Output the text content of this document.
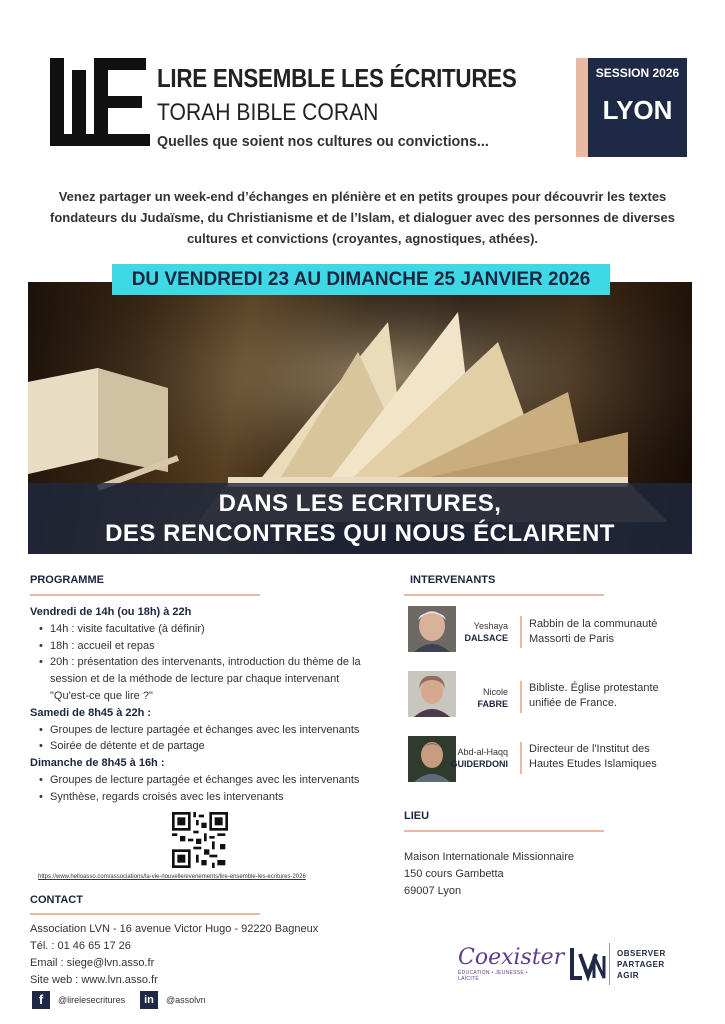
LIRE ENSEMBLE LES ÉCRITURES
TORAH BIBLE CORAN
Quelles que soient nos cultures ou convictions...
SESSION 2026
LYON
Venez partager un week-end d’échanges en plénière et en petits groupes pour découvrir les textes fondateurs du Judaïsme, du Christianisme et de l’Islam, et dialoguer avec des personnes de diverses cultures et convictions (croyantes, agnostiques, athées).
DANS LES ECRITURES,
DES RENCONTRES QUI NOUS ÉCLAIRENT
DU VENDREDI 23 AU DIMANCHE 25 JANVIER 2026
PROGRAMME
Vendredi de 14h (ou 18h) à 22h
• 14h : visite facultative (à définir)
• 18h : accueil et repas
• 20h : présentation des intervenants, introduction du thème de la session et de la méthode de lecture par chaque intervenant "Qu'est-ce que lire ?"
Samedi de 8h45 à 22h :
• Groupes de lecture partagée et échanges avec les intervenants
• Soirée de détente et de partage
Dimanche de 8h45 à 16h :
• Groupes de lecture partagée et échanges avec les intervenants
• Synthèse, regards croisés avec les intervenants
https://www.helloasso.com/associations/la-vie-nouvelle/evenements/lire-ensemble-les-ecritures-2026
CONTACT
Association LVN - 16 avenue Victor Hugo - 92220 Bagneux
Tél. : 01 46 65 17 26
Email : siege@lvn.asso.fr
Site web : www.lvn.asso.fr
f	@lirelesecritures	in	@assolvn
INTERVENANTS
Yeshaya
DALSACE
Rabbin de la communauté
Massorti de Paris
Nicole
FABRE
Bibliste. Église protestante
unifiée de France.
Abd-al-Haqq
GUIDERDONI
Directeur de l'Institut des
Hautes Etudes Islamiques
LIEU
Maison Internationale Missionnaire
150 cours Gambetta
69007 Lyon
Coexister
ÉDUCATION • JEUNESSE • LAÏCITÉ
OBSERVER
PARTAGER
AGIR
